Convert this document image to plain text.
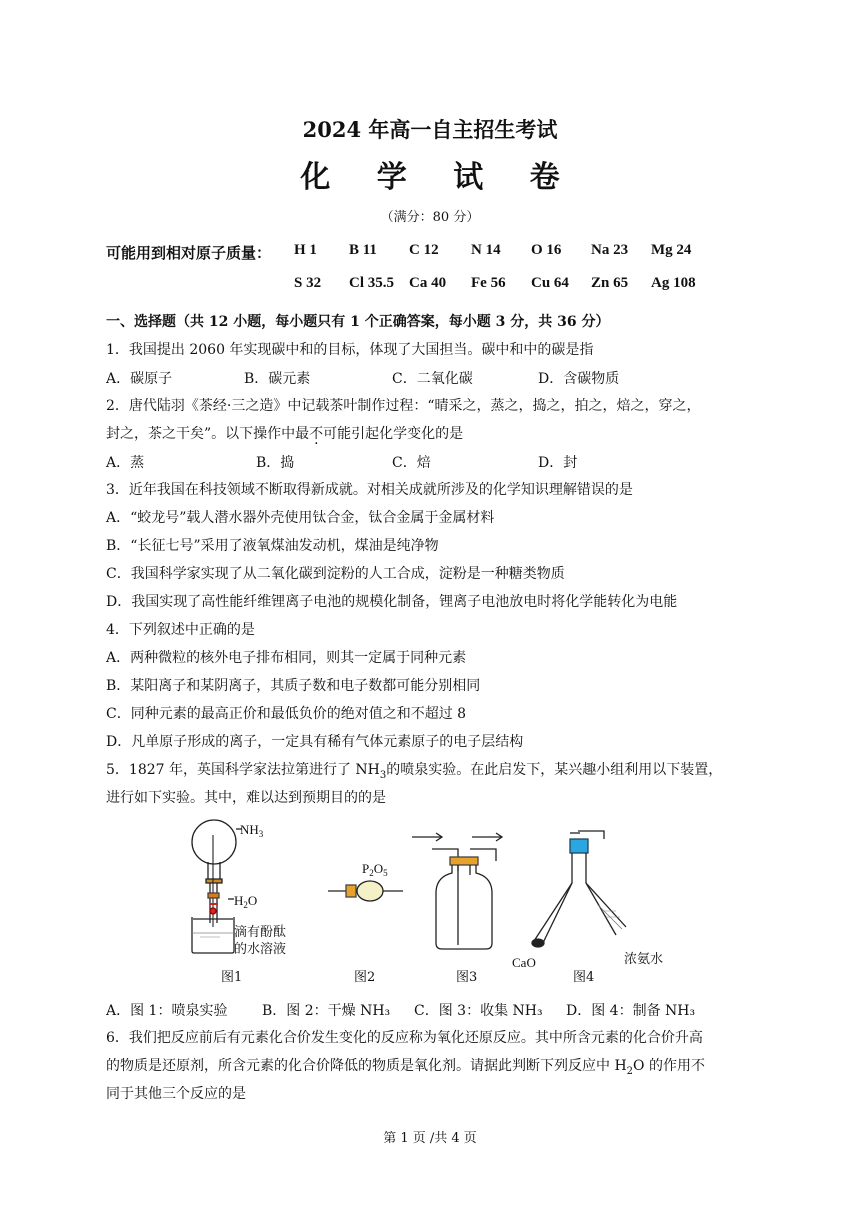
2024 年高一自主招生考试
化 学 试 卷
（满分：80 分）
可能用到相对原子质量： H 1 B 11 C 12 N 14 O 16 Na 23 Mg 24
S 32 Cl 35.5 Ca 40 Fe 56 Cu 64 Zn 65 Ag 108
一、选择题（共 12 小题，每小题只有 1 个正确答案，每小题 3 分，共 36 分）
1．我国提出 2060 年实现碳中和的目标，体现了大国担当。碳中和中的碳是指
A．碳原子	B．碳元素	C．二氧化碳	D．含碳物质
2．唐代陆羽《茶经·三之造》中记载茶叶制作过程：“晴采之，蒸之，捣之，拍之，焙之，穿之，
封之，茶之干矣”。以下操作中最不可能引起化学变化的是
A．蒸	B．捣	C．焙	D．封
3．近年我国在科技领域不断取得新成就。对相关成就所涉及的化学知识理解错误的是
A．“蛟龙号”载人潜水器外壳使用钛合金，钛合金属于金属材料
B．“长征七号”采用了液氧煤油发动机，煤油是纯净物
C．我国科学家实现了从二氧化碳到淀粉的人工合成，淀粉是一种糖类物质
D．我国实现了高性能纤维锂离子电池的规模化制备，锂离子电池放电时将化学能转化为电能
4．下列叙述中正确的是
A．两种微粒的核外电子排布相同，则其一定属于同种元素
B．某阳离子和某阴离子，其质子数和电子数都可能分别相同
C．同种元素的最高正价和最低负价的绝对值之和不超过 8
D．凡单原子形成的离子，一定具有稀有气体元素原子的电子层结构
5．1827 年，英国科学家法拉第进行了 $NH_3$的喷泉实验。在此启发下，某兴趣小组利用以下装置，
进行如下实验。其中，难以达到预期目的的是
$NH_3$
$H_2O$
滴有酚酞
的水溶液
$P_2O_5$
CaO	浓氨水
图1	图2	图3	图4
A．图 1：喷泉实验 B．图 2：干燥 NH₃ C．图 3：收集 NH₃ D．图 4：制备 NH₃
6．我们把反应前后有元素化合价发生变化的反应称为氧化还原反应。其中所含元素的化合价升高
的物质是还原剂，所含元素的化合价降低的物质是氧化剂。请据此判断下列反应中 $H_2O$ 的作用不
同于其他三个反应的是
第 1 页 /共 4 页
